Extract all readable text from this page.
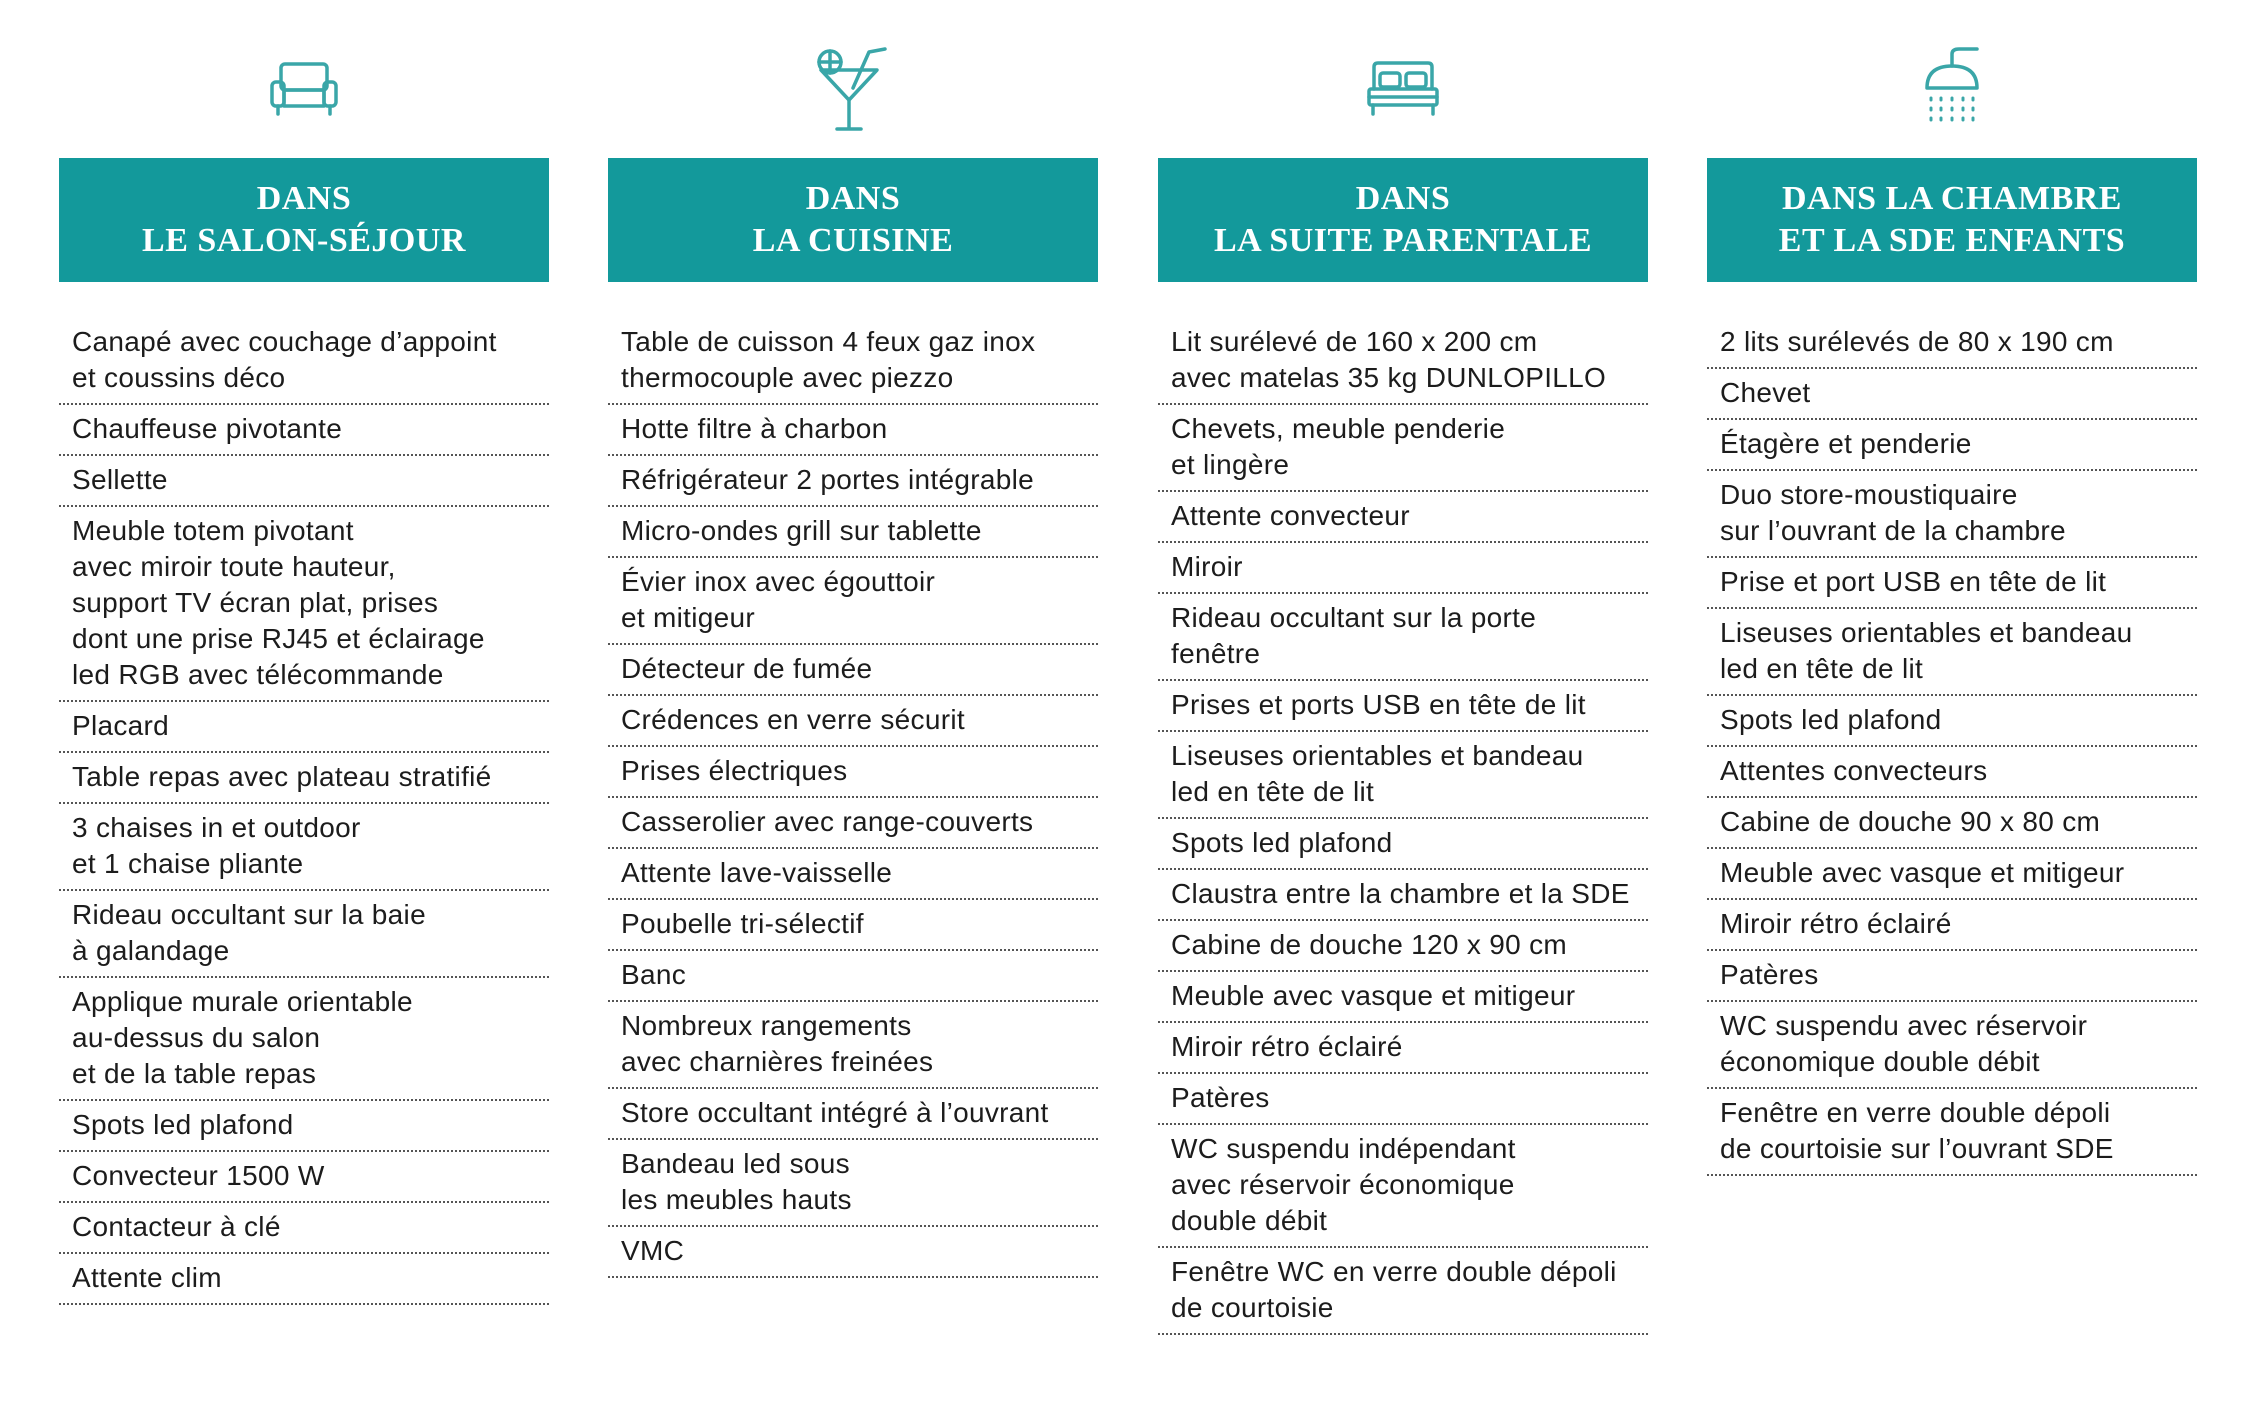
DANS
LE SALON-SÉJOUR
Canapé avec couchage d’appoint
et coussins déco
Chauffeuse pivotante
Sellette
Meuble totem pivotant
avec miroir toute hauteur,
support TV écran plat, prises
dont une prise RJ45 et éclairage
led RGB avec télécommande
Placard
Table repas avec plateau stratifié
3 chaises in et outdoor
et 1 chaise pliante
Rideau occultant sur la baie
à galandage
Applique murale orientable
au-dessus du salon
et de la table repas
Spots led plafond
Convecteur 1500 W
Contacteur à clé
Attente clim
DANS
LA CUISINE
Table de cuisson 4 feux gaz inox
thermocouple avec piezzo
Hotte filtre à charbon
Réfrigérateur 2 portes intégrable
Micro-ondes grill sur tablette
Évier inox avec égouttoir
et mitigeur
Détecteur de fumée
Crédences en verre sécurit
Prises électriques
Casserolier avec range-couverts
Attente lave-vaisselle
Poubelle tri-sélectif
Banc
Nombreux rangements
avec charnières freinées
Store occultant intégré à l’ouvrant
Bandeau led sous
les meubles hauts
VMC
DANS
LA SUITE PARENTALE
Lit surélevé de 160 x 200 cm
avec matelas 35 kg DUNLOPILLO
Chevets, meuble penderie
et lingère
Attente convecteur
Miroir
Rideau occultant sur la porte
fenêtre
Prises et ports USB en tête de lit
Liseuses orientables et bandeau
led en tête de lit
Spots led plafond
Claustra entre la chambre et la SDE
Cabine de douche 120 x 90 cm
Meuble avec vasque et mitigeur
Miroir rétro éclairé
Patères
WC suspendu indépendant
avec réservoir économique
double débit
Fenêtre WC en verre double dépoli
de courtoisie
DANS LA CHAMBRE
ET LA SDE ENFANTS
2 lits surélevés de 80 x 190 cm
Chevet
Étagère et penderie
Duo store-moustiquaire
sur l’ouvrant de la chambre
Prise et port USB en tête de lit
Liseuses orientables et bandeau
led en tête de lit
Spots led plafond
Attentes convecteurs
Cabine de douche 90 x 80 cm
Meuble avec vasque et mitigeur
Miroir rétro éclairé
Patères
WC suspendu avec réservoir
économique double débit
Fenêtre en verre double dépoli
de courtoisie sur l’ouvrant SDE
